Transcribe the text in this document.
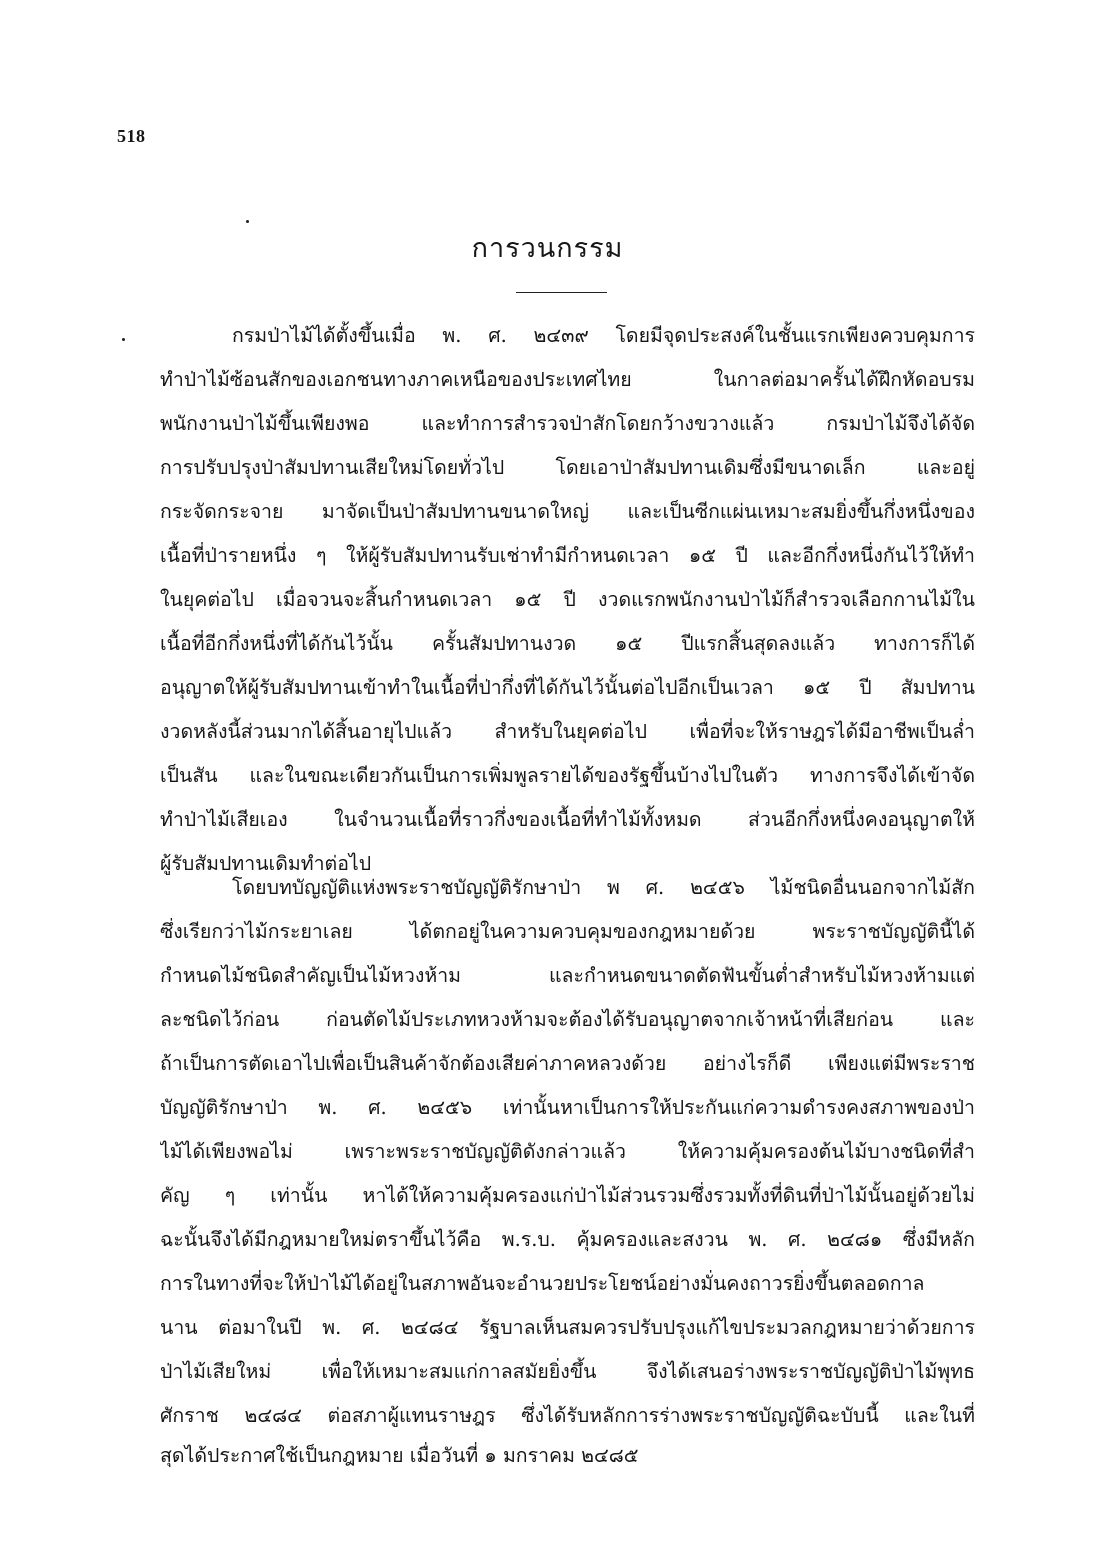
518
การวนกรรม
กรมป่าไม้ได้ตั้งขึ้นเมื่อ พ. ศ. ๒๔๓๙ โดยมีจุดประสงค์ในชั้นแรกเพียงควบคุมการ
ทำป่าไม้ซ้อนสักของเอกชนทางภาคเหนือของประเทศไทย ในกาลต่อมาครั้นได้ฝึกหัดอบรม
พนักงานป่าไม้ขึ้นเพียงพอ และทำการสำรวจป่าสักโดยกว้างขวางแล้ว กรมป่าไม้จึงได้จัด
การปรับปรุงป่าสัมปทานเสียใหม่โดยทั่วไป โดยเอาป่าสัมปทานเดิมซึ่งมีขนาดเล็ก และอยู่
กระจัดกระจาย มาจัดเป็นป่าสัมปทานขนาดใหญ่ และเป็นซีกแผ่นเหมาะสมยิ่งขึ้นกึ่งหนึ่งของ
เนื้อที่ป่ารายหนึ่ง ๆ ให้ผู้รับสัมปทานรับเช่าทำมีกำหนดเวลา ๑๕ ปี และอีกกึ่งหนึ่งกันไว้ให้ทำ
ในยุคต่อไป เมื่อจวนจะสิ้นกำหนดเวลา ๑๕ ปี งวดแรกพนักงานป่าไม้ก็สำรวจเลือกกานไม้ใน
เนื้อที่อีกกึ่งหนึ่งที่ได้กันไว้นั้น ครั้นสัมปทานงวด ๑๕ ปีแรกสิ้นสุดลงแล้ว ทางการก็ได้
อนุญาตให้ผู้รับสัมปทานเข้าทำในเนื้อที่ป่ากึ่งที่ได้กันไว้นั้นต่อไปอีกเป็นเวลา ๑๕ ปี สัมปทาน
งวดหลังนี้ส่วนมากได้สิ้นอายุไปแล้ว สำหรับในยุคต่อไป เพื่อที่จะให้ราษฎรได้มีอาชีพเป็นล่ำ
เป็นสัน และในขณะเดียวกันเป็นการเพิ่มพูลรายได้ของรัฐขึ้นบ้างไปในตัว ทางการจึงได้เข้าจัด
ทำป่าไม้เสียเอง ในจำนวนเนื้อที่ราวกึ่งของเนื้อที่ทำไม้ทั้งหมด ส่วนอีกกึ่งหนึ่งคงอนุญาตให้
ผู้รับสัมปทานเดิมทำต่อไป
โดยบทบัญญัติแห่งพระราชบัญญัติรักษาป่า พ ศ. ๒๔๕๖ ไม้ชนิดอื่นนอกจากไม้สัก
ซึ่งเรียกว่าไม้กระยาเลย ได้ตกอยู่ในความควบคุมของกฎหมายด้วย พระราชบัญญัตินี้ได้
กำหนดไม้ชนิดสำคัญเป็นไม้หวงห้าม และกำหนดขนาดตัดฟันขั้นต่ำสำหรับไม้หวงห้ามแต่
ละชนิดไว้ก่อน ก่อนตัดไม้ประเภทหวงห้ามจะต้องได้รับอนุญาตจากเจ้าหน้าที่เสียก่อน และ
ถ้าเป็นการตัดเอาไปเพื่อเป็นสินค้าจักต้องเสียค่าภาคหลวงด้วย อย่างไรก็ดี เพียงแต่มีพระราช
บัญญัติรักษาป่า พ. ศ. ๒๔๕๖ เท่านั้นหาเป็นการให้ประกันแก่ความดำรงคงสภาพของป่า
ไม้ได้เพียงพอไม่ เพราะพระราชบัญญัติดังกล่าวแล้ว ให้ความคุ้มครองต้นไม้บางชนิดที่สำ
คัญ ๆ เท่านั้น หาได้ให้ความคุ้มครองแก่ป่าไม้ส่วนรวมซึ่งรวมทั้งที่ดินที่ป่าไม้นั้นอยู่ด้วยไม่
ฉะนั้นจึงได้มีกฎหมายใหม่ตราขึ้นไว้คือ พ.ร.บ. คุ้มครองและสงวน พ. ศ. ๒๔๘๑ ซึ่งมีหลัก
การในทางที่จะให้ป่าไม้ได้อยู่ในสภาพอันจะอำนวยประโยชน์อย่างมั่นคงถาวรยิ่งขึ้นตลอดกาล
นาน ต่อมาในปี พ. ศ. ๒๔๘๔ รัฐบาลเห็นสมควรปรับปรุงแก้ไขประมวลกฎหมายว่าด้วยการ
ป่าไม้เสียใหม่ เพื่อให้เหมาะสมแก่กาลสมัยยิ่งขึ้น จึงได้เสนอร่างพระราชบัญญัติป่าไม้พุทธ
ศักราช ๒๔๘๔ ต่อสภาผู้แทนราษฎร ซึ่งได้รับหลักการร่างพระราชบัญญัติฉะบับนี้ และในที่
สุดได้ประกาศใช้เป็นกฎหมาย เมื่อวันที่ ๑ มกราคม ๒๔๘๕
